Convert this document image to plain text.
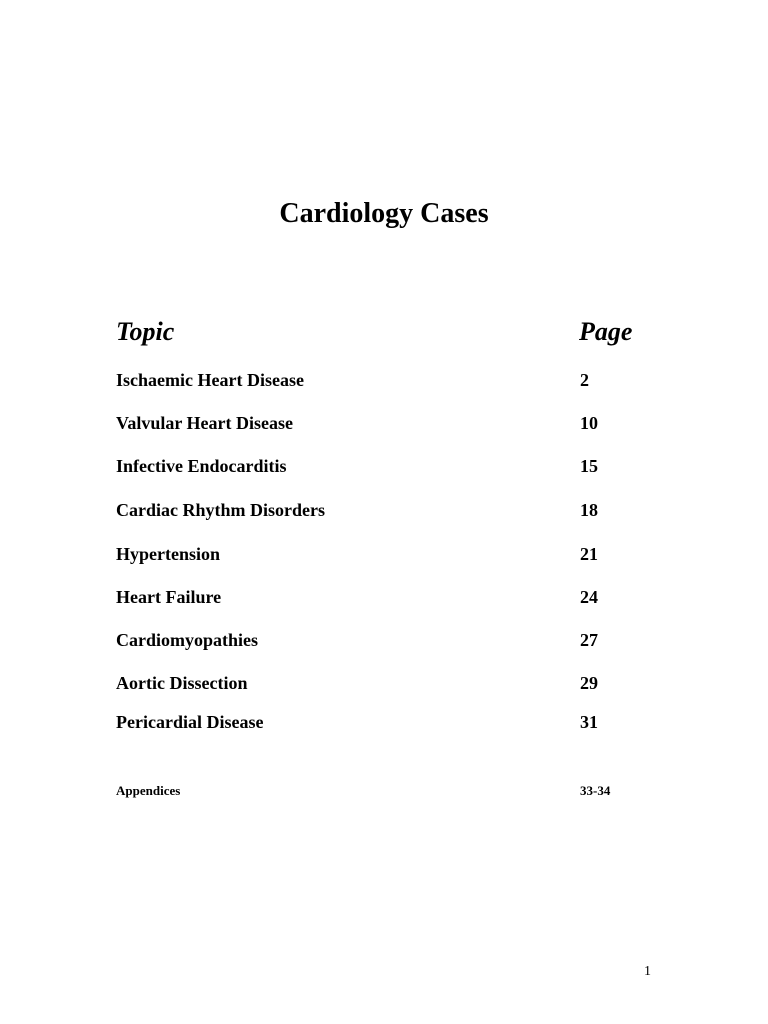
Cardiology Cases
Topic	Page
Ischaemic Heart Disease	2
Valvular Heart Disease	10
Infective Endocarditis	15
Cardiac Rhythm Disorders	18
Hypertension	21
Heart Failure	24
Cardiomyopathies	27
Aortic Dissection	29
Pericardial Disease	31
Appendices	33-34
1
